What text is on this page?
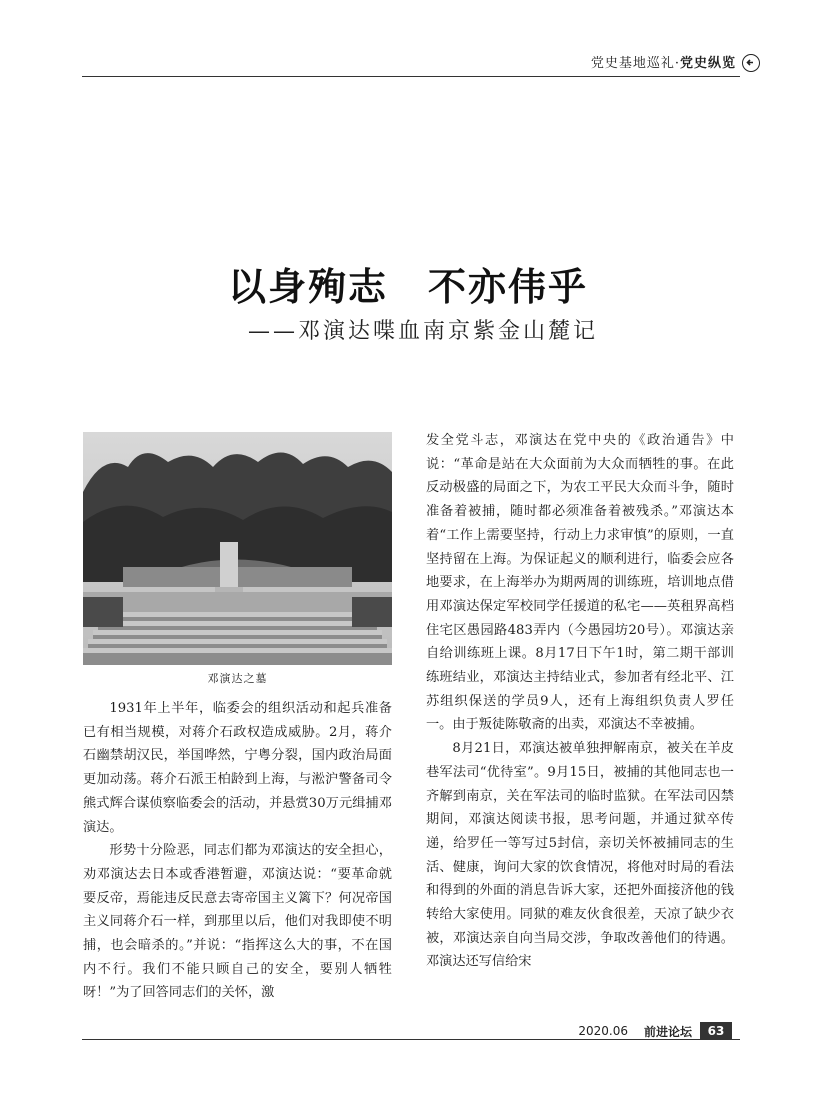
党史基地巡礼·党史纵览
以身殉志　不亦伟乎
——邓演达喋血南京紫金山麓记
邓演达之墓

1931年上半年，临委会的组织活动和起兵准备已有相当规模，对蒋介石政权造成威胁。2月，蒋介石幽禁胡汉民，举国哗然，宁粤分裂，国内政治局面更加动荡。蒋介石派王柏龄到上海，与淞沪警备司令熊式辉合谋侦察临委会的活动，并悬赏30万元缉捕邓演达。

形势十分险恶，同志们都为邓演达的安全担心，劝邓演达去日本或香港暂避，邓演达说：“要革命就要反帝，焉能违反民意去寄帝国主义篱下？何况帝国主义同蒋介石一样，到那里以后，他们对我即使不明捕，也会暗杀的。”并说：“指挥这么大的事，不在国内不行。我们不能只顾自己的安全，要别人牺牲呀！”为了回答同志们的关怀，激

发全党斗志，邓演达在党中央的《政治通告》中说：“革命是站在大众面前为大众而牺牲的事。在此反动极盛的局面之下，为农工平民大众而斗争，随时准备着被捕，随时都必须准备着被残杀。”邓演达本着“工作上需要坚持，行动上力求审慎”的原则，一直坚持留在上海。为保证起义的顺利进行，临委会应各地要求，在上海举办为期两周的训练班，培训地点借用邓演达保定军校同学任援道的私宅——英租界高档住宅区愚园路483弄内（今愚园坊20号）。邓演达亲自给训练班上课。8月17日下午1时，第二期干部训练班结业，邓演达主持结业式，参加者有经北平、江苏组织保送的学员9人，还有上海组织负责人罗任一。由于叛徒陈敬斋的出卖，邓演达不幸被捕。

8月21日，邓演达被单独押解南京，被关在羊皮巷军法司“优待室”。9月15日，被捕的其他同志也一齐解到南京，关在军法司的临时监狱。在军法司囚禁期间，邓演达阅读书报，思考问题，并通过狱卒传递，给罗任一等写过5封信，亲切关怀被捕同志的生活、健康，询问大家的饮食情况，将他对时局的看法和得到的外面的消息告诉大家，还把外面接济他的钱转给大家使用。同狱的难友伙食很差，天凉了缺少衣被，邓演达亲自向当局交涉，争取改善他们的待遇。邓演达还写信给宋

2020.06 前进论坛	63
